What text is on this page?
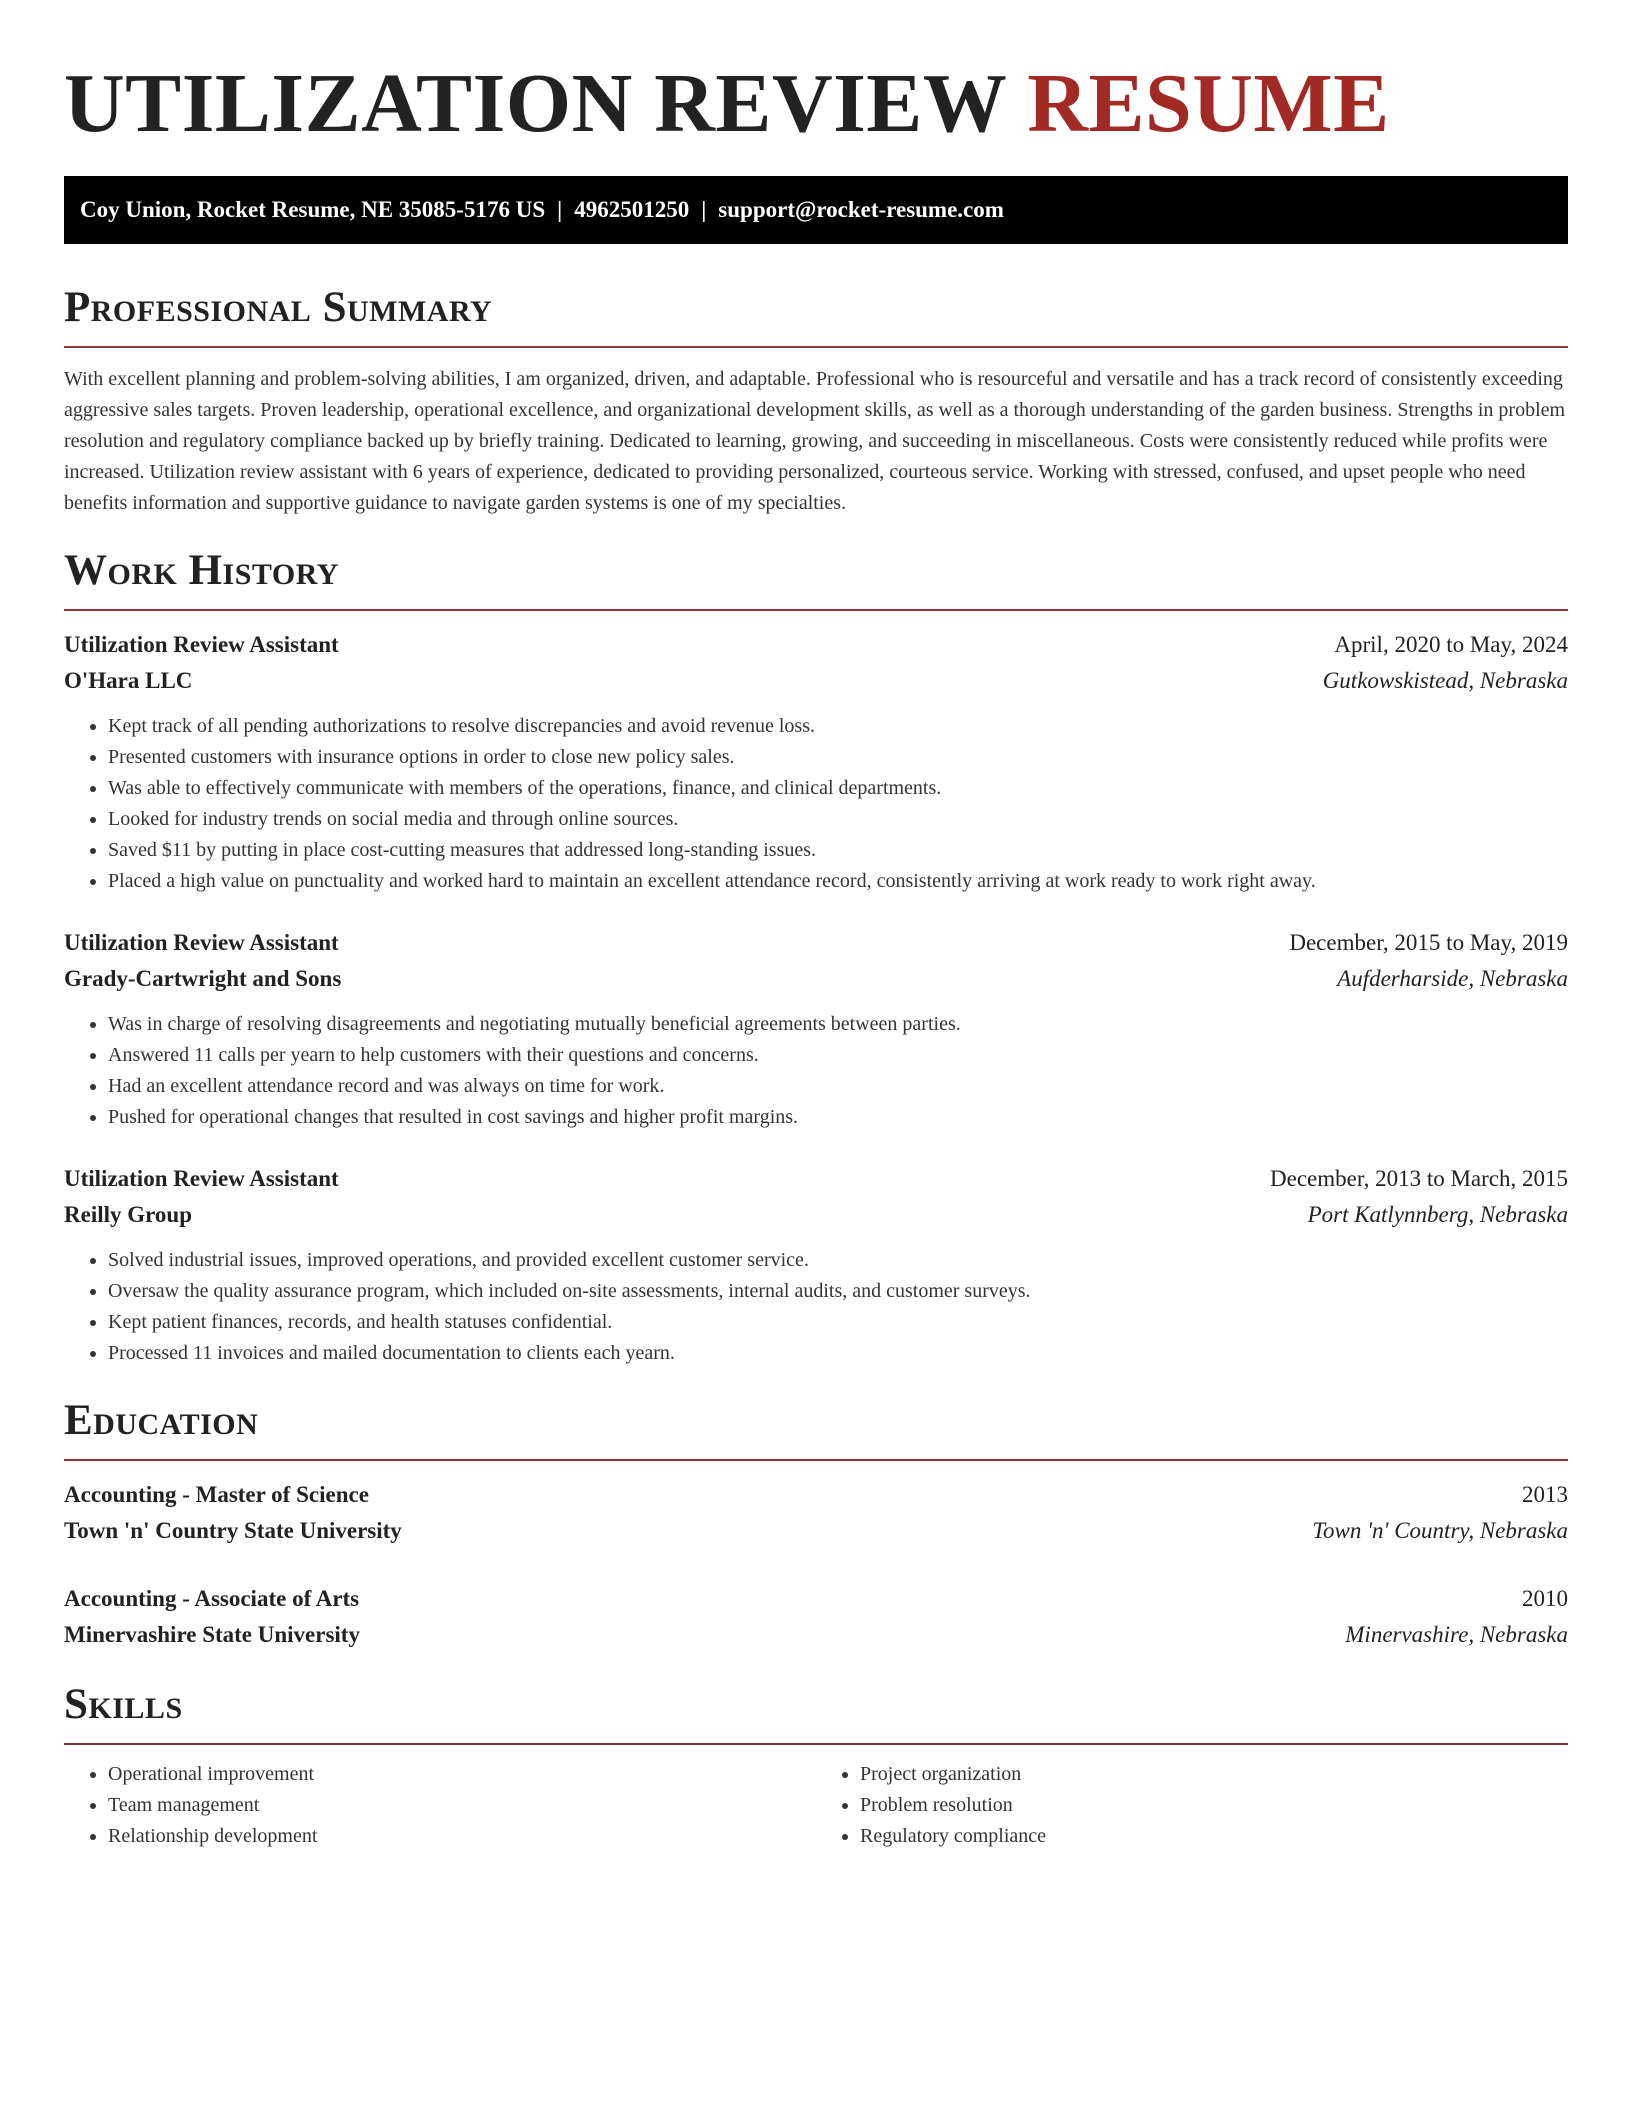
UTILIZATION REVIEW RESUME
Coy Union, Rocket Resume, NE 35085-5176 US | 4962501250 | support@rocket-resume.com
Professional Summary

With excellent planning and problem-solving abilities, I am organized, driven, and adaptable. Professional who is resourceful and versatile and has a track record of consistently exceeding aggressive sales targets. Proven leadership, operational excellence, and organizational development skills, as well as a thorough understanding of the garden business. Strengths in problem resolution and regulatory compliance backed up by briefly training. Dedicated to learning, growing, and succeeding in miscellaneous. Costs were consistently reduced while profits were increased. Utilization review assistant with 6 years of experience, dedicated to providing personalized, courteous service. Working with stressed, confused, and upset people who need benefits information and supportive guidance to navigate garden systems is one of my specialties.

Work History
Utilization Review Assistant	April, 2020 to May, 2024
O'Hara LLC	Gutkowskistead, Nebraska
• Kept track of all pending authorizations to resolve discrepancies and avoid revenue loss.
• Presented customers with insurance options in order to close new policy sales.
• Was able to effectively communicate with members of the operations, finance, and clinical departments.
• Looked for industry trends on social media and through online sources.
• Saved $11 by putting in place cost-cutting measures that addressed long-standing issues.
• Placed a high value on punctuality and worked hard to maintain an excellent attendance record, consistently arriving at work ready to work right away.
Utilization Review Assistant	December, 2015 to May, 2019
Grady-Cartwright and Sons	Aufderharside, Nebraska
• Was in charge of resolving disagreements and negotiating mutually beneficial agreements between parties.
• Answered 11 calls per yearn to help customers with their questions and concerns.
• Had an excellent attendance record and was always on time for work.
• Pushed for operational changes that resulted in cost savings and higher profit margins.
Utilization Review Assistant	December, 2013 to March, 2015
Reilly Group	Port Katlynnberg, Nebraska
• Solved industrial issues, improved operations, and provided excellent customer service.
• Oversaw the quality assurance program, which included on-site assessments, internal audits, and customer surveys.
• Kept patient finances, records, and health statuses confidential.
• Processed 11 invoices and mailed documentation to clients each yearn.
Education
Accounting - Master of Science	2013
Town 'n' Country State University	Town 'n' Country, Nebraska
Accounting - Associate of Arts	2010
Minervashire State University	Minervashire, Nebraska
Skills
• Operational improvement
• Team management
• Relationship development
• Project organization
• Problem resolution
• Regulatory compliance
